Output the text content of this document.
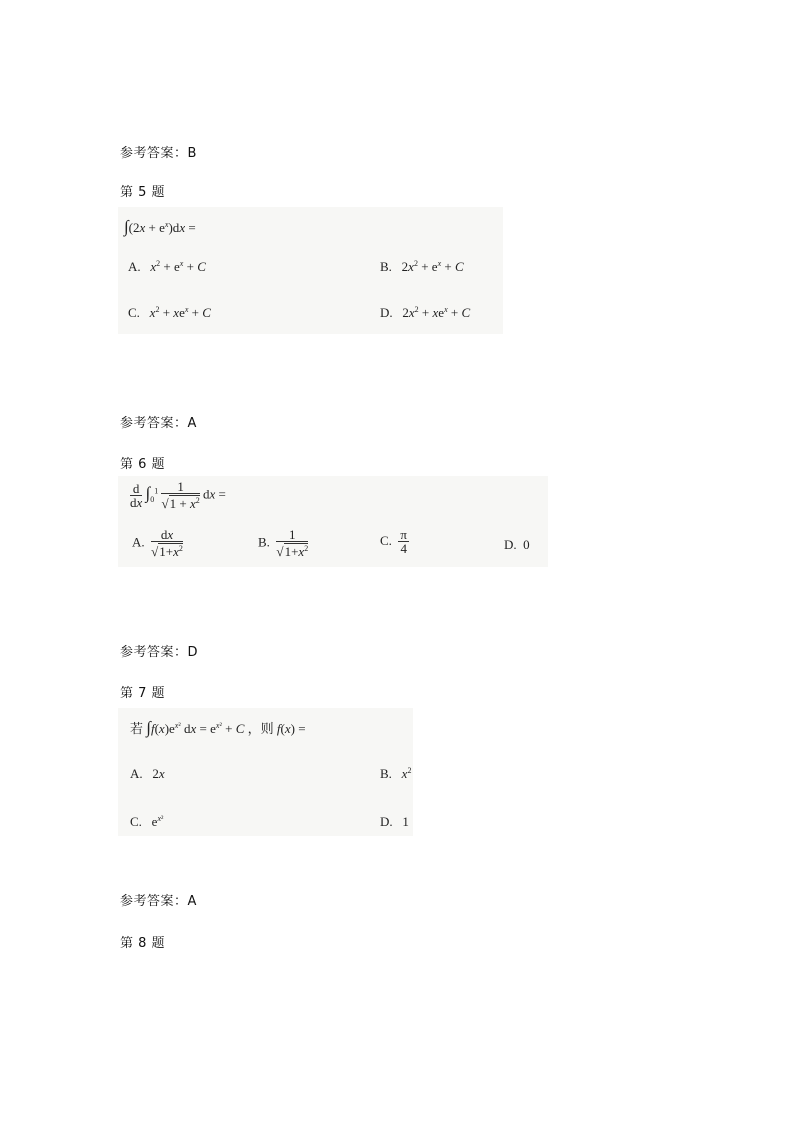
参考答案：B
第 5 题
$\int(2x + e^x)dx$ =
A.   $x^2 + e^x + C$	B.   $2x^2 + e^x + C$
C.   $x^2 + xe^x + C$	D.   $2x^2 + xe^x + C$
参考答案：A
第 6 题
$\frac{d}{dx} \int_0^1 \frac{1}{√1 + x^2}$ dx =
A. $\frac{dx}{√1+x^2}$	B. $\frac{1}{√1+x^2}$	C. $\frac{\pi}{4}$	D.  0
参考答案：D
第 7 题
若 $\int f(x)e^{x^2}$ dx = $e^{x^2} + C$ ，则 f(x) =
A.   2x	B.   $x^2$
C.   $e^{x^2}$	D.   1
参考答案：A
第 8 题
